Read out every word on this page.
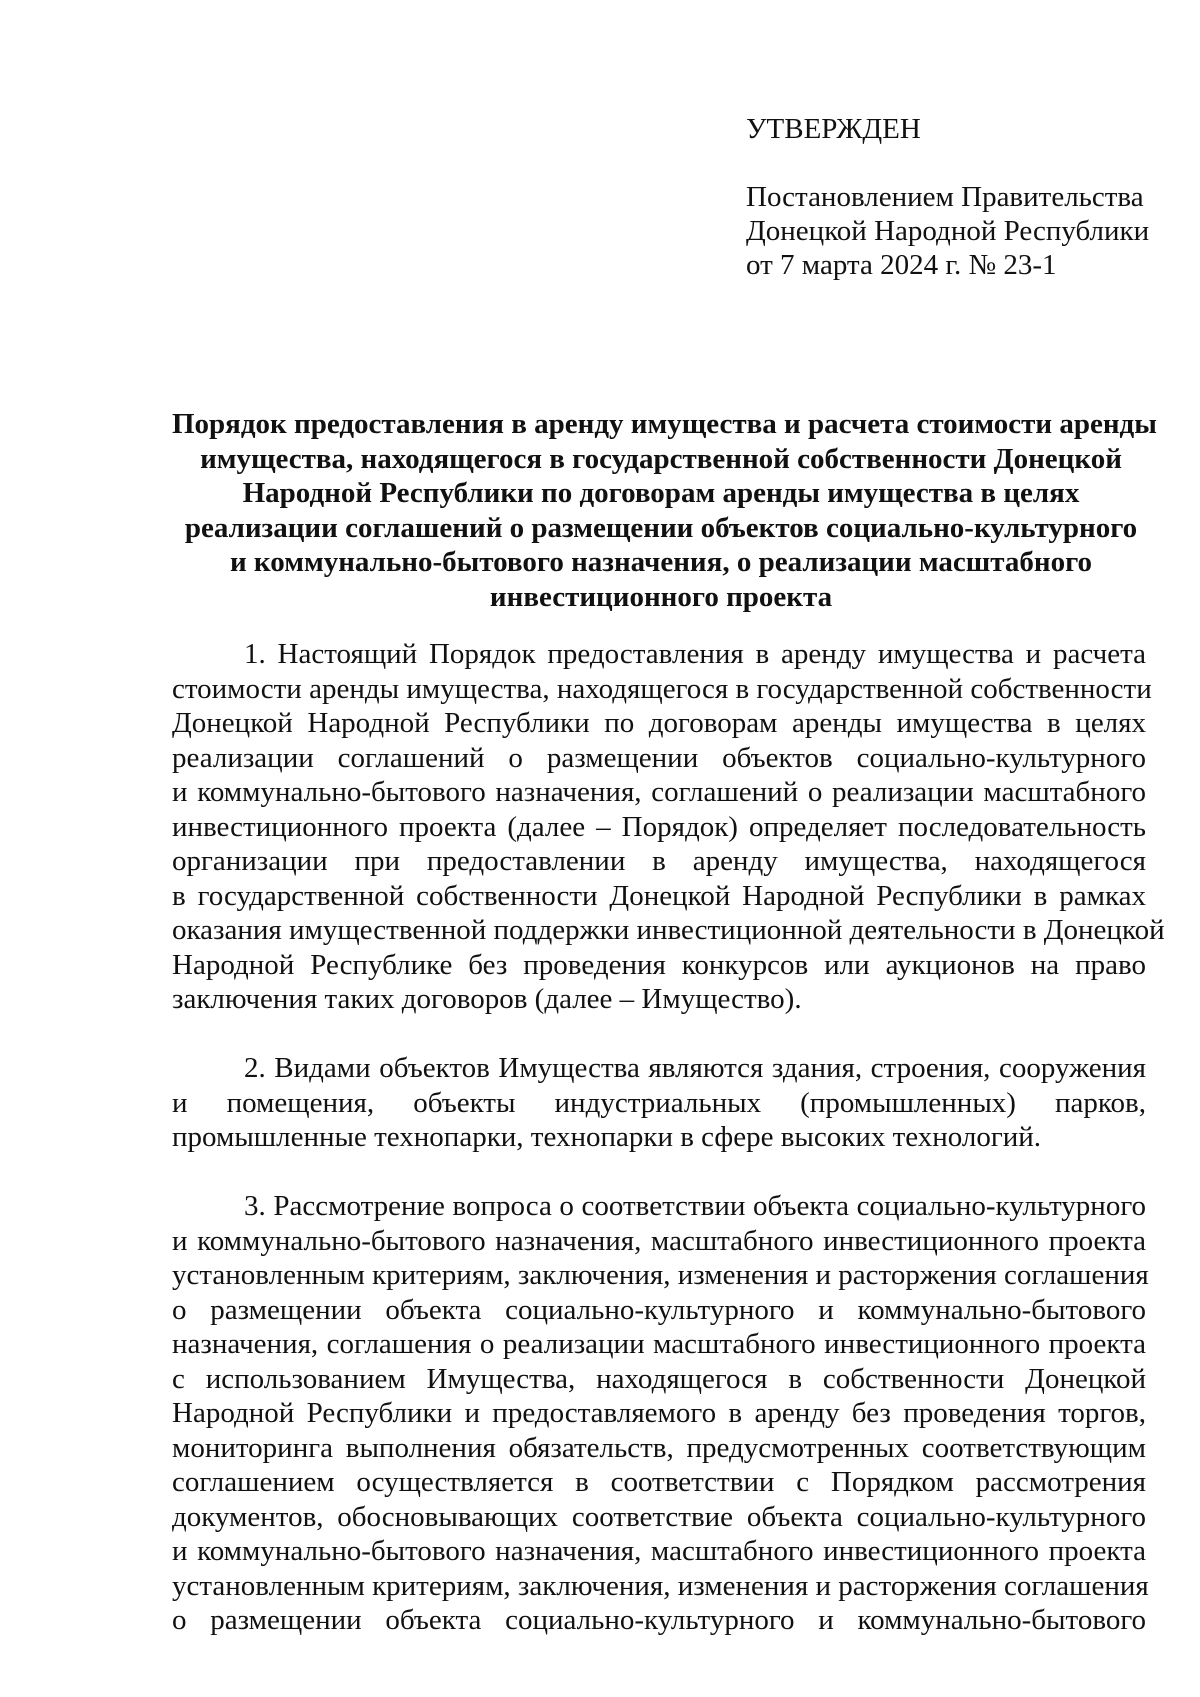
УТВЕРЖДЕН
Постановлением Правительства
Донецкой Народной Республики
от 7 марта 2024 г. № 23-1
Порядок предоставления в аренду имущества и расчета стоимости аренды
имущества, находящегося в государственной собственности Донецкой
Народной Республики по договорам аренды имущества в целях
реализации соглашений о размещении объектов социально-культурного
и коммунально-бытового назначения, о реализации масштабного
инвестиционного проекта
1. Настоящий Порядок предоставления в аренду имущества и расчета
стоимости аренды имущества, находящегося в государственной собственности
Донецкой Народной Республики по договорам аренды имущества в целях
реализации соглашений о размещении объектов социально-культурного
и коммунально-бытового назначения, соглашений о реализации масштабного
инвестиционного проекта (далее – Порядок) определяет последовательность
организации при предоставлении в аренду имущества, находящегося
в государственной собственности Донецкой Народной Республики в рамках
оказания имущественной поддержки инвестиционной деятельности в Донецкой
Народной Республике без проведения конкурсов или аукционов на право
заключения таких договоров (далее – Имущество).
2. Видами объектов Имущества являются здания, строения, сооружения
и помещения, объекты индустриальных (промышленных) парков,
промышленные технопарки, технопарки в сфере высоких технологий.
3. Рассмотрение вопроса о соответствии объекта социально-культурного
и коммунально-бытового назначения, масштабного инвестиционного проекта
установленным критериям, заключения, изменения и расторжения соглашения
о размещении объекта социально-культурного и коммунально-бытового
назначения, соглашения о реализации масштабного инвестиционного проекта
с использованием Имущества, находящегося в собственности Донецкой
Народной Республики и предоставляемого в аренду без проведения торгов,
мониторинга выполнения обязательств, предусмотренных соответствующим
соглашением осуществляется в соответствии с Порядком рассмотрения
документов, обосновывающих соответствие объекта социально-культурного
и коммунально-бытового назначения, масштабного инвестиционного проекта
установленным критериям, заключения, изменения и расторжения соглашения
о размещении объекта социально-культурного и коммунально-бытового
